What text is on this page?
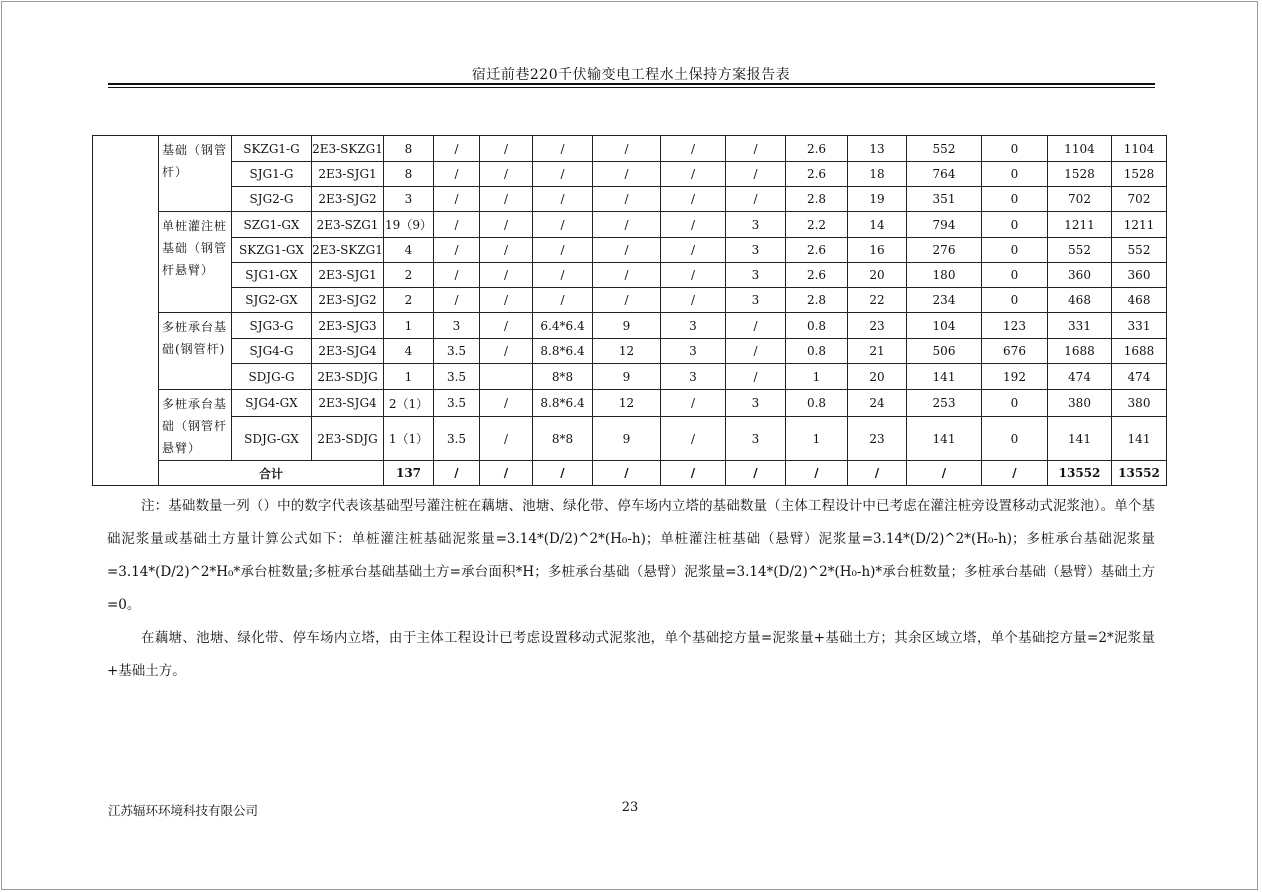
宿迁前巷220千伏输变电工程水土保持方案报告表
	基础（钢管杆）	SKZG1-G	2E3-SKZG1	8	/	/	/	/	/	/	2.6	13	552	0	1104	1104
		SJG1-G	2E3-SJG1	8	/	/	/	/	/	/	2.6	18	764	0	1528	1528
		SJG2-G	2E3-SJG2	3	/	/	/	/	/	/	2.8	19	351	0	702	702
	单桩灌注桩基础（钢管杆悬臂）	SZG1-GX	2E3-SZG1	19（9）	/	/	/	/	/	3	2.2	14	794	0	1211	1211
		SKZG1-GX	2E3-SKZG1	4	/	/	/	/	/	3	2.6	16	276	0	552	552
		SJG1-GX	2E3-SJG1	2	/	/	/	/	/	3	2.6	20	180	0	360	360
		SJG2-GX	2E3-SJG2	2	/	/	/	/	/	3	2.8	22	234	0	468	468
	多桩承台基础(钢管杆)	SJG3-G	2E3-SJG3	1	3	/	6.4*6.4	9	3	/	0.8	23	104	123	331	331
		SJG4-G	2E3-SJG4	4	3.5	/	8.8*6.4	12	3	/	0.8	21	506	676	1688	1688
		SDJG-G	2E3-SDJG	1	3.5		8*8	9	3	/	1	20	141	192	474	474
	多桩承台基础（钢管杆悬臂）	SJG4-GX	2E3-SJG4	2（1）	3.5	/	8.8*6.4	12	/	3	0.8	24	253	0	380	380
		SDJG-GX	2E3-SDJG	1（1）	3.5	/	8*8	9	/	3	1	23	141	0	141	141
	合计			137	/	/	/	/	/	/	/	/	/	/	13552	13552

注：基础数量一列（）中的数字代表该基础型号灌注桩在藕塘、池塘、绿化带、停车场内立塔的基础数量（主体工程设计中已考虑在灌注桩旁设置移动式泥浆池）。单个基础泥浆量或基础土方量计算公式如下：单桩灌注桩基础泥浆量=3.14*(D/2)^2*(H₀-h)；单桩灌注桩基础（悬臂）泥浆量=3.14*(D/2)^2*(H₀-h)；多桩承台基础泥浆量=3.14*(D/2)^2*H₀*承台桩数量;多桩承台基础基础土方=承台面积*H；多桩承台基础（悬臂）泥浆量=3.14*(D/2)^2*(H₀-h)*承台桩数量；多桩承台基础（悬臂）基础土方=0。

在藕塘、池塘、绿化带、停车场内立塔，由于主体工程设计已考虑设置移动式泥浆池，单个基础挖方量=泥浆量+基础土方；其余区域立塔，单个基础挖方量=2*泥浆量+基础土方。

江苏辐环环境科技有限公司	23
